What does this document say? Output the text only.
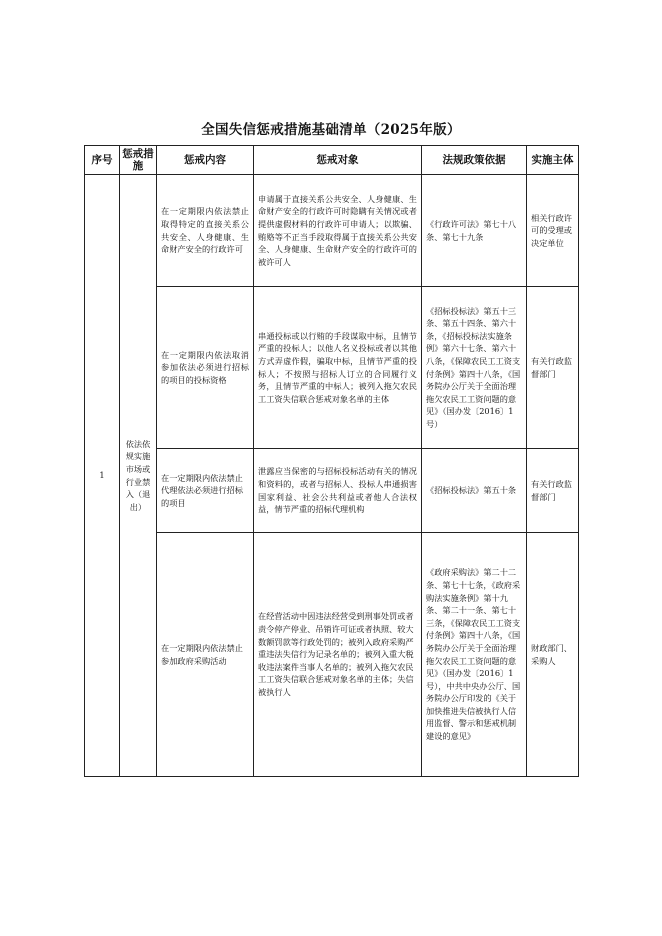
全国失信惩戒措施基础清单（2025年版）
序号	惩戒措施	惩戒内容	惩戒对象	法规政策依据	实施主体
1	依法依规实施市场或行业禁入（退出）	在一定期限内依法禁止取得特定的直接关系公共安全、人身健康、生命财产安全的行政许可	申请属于直接关系公共安全、人身健康、生命财产安全的行政许可时隐瞒有关情况或者提供虚假材料的行政许可申请人；以欺骗、贿赂等不正当手段取得属于直接关系公共安全、人身健康、生命财产安全的行政许可的被许可人	《行政许可法》第七十八条、第七十九条	相关行政许可的受理或决定单位
		在一定期限内依法取消参加依法必须进行招标的项目的投标资格	串通投标或以行贿的手段谋取中标，且情节严重的投标人；以他人名义投标或者以其他方式弄虚作假，骗取中标，且情节严重的投标人；不按照与招标人订立的合同履行义务，且情节严重的中标人；被列入拖欠农民工工资失信联合惩戒对象名单的主体	《招标投标法》第五十三条、第五十四条、第六十条，《招标投标法实施条例》第六十七条、第六十八条，《保障农民工工资支付条例》第四十八条，《国务院办公厅关于全面治理拖欠农民工工资问题的意见》（国办发〔2016〕1号）	有关行政监督部门
		在一定期限内依法禁止代理依法必须进行招标的项目	泄露应当保密的与招标投标活动有关的情况和资料的，或者与招标人、投标人串通损害国家利益、社会公共利益或者他人合法权益，情节严重的招标代理机构	《招标投标法》第五十条	有关行政监督部门
		在一定期限内依法禁止参加政府采购活动	在经营活动中因违法经营受到刑事处罚或者责令停产停业、吊销许可证或者执照、较大数额罚款等行政处罚的；被列入政府采购严重违法失信行为记录名单的；被列入重大税收违法案件当事人名单的；被列入拖欠农民工工资失信联合惩戒对象名单的主体；失信被执行人	《政府采购法》第二十二条、第七十七条，《政府采购法实施条例》第十九条、第二十一条、第七十三条，《保障农民工工资支付条例》第四十八条，《国务院办公厅关于全面治理拖欠农民工工资问题的意见》（国办发〔2016〕1号），中共中央办公厅、国务院办公厅印发的《关于加快推进失信被执行人信用监督、警示和惩戒机制建设的意见》	财政部门、采购人
